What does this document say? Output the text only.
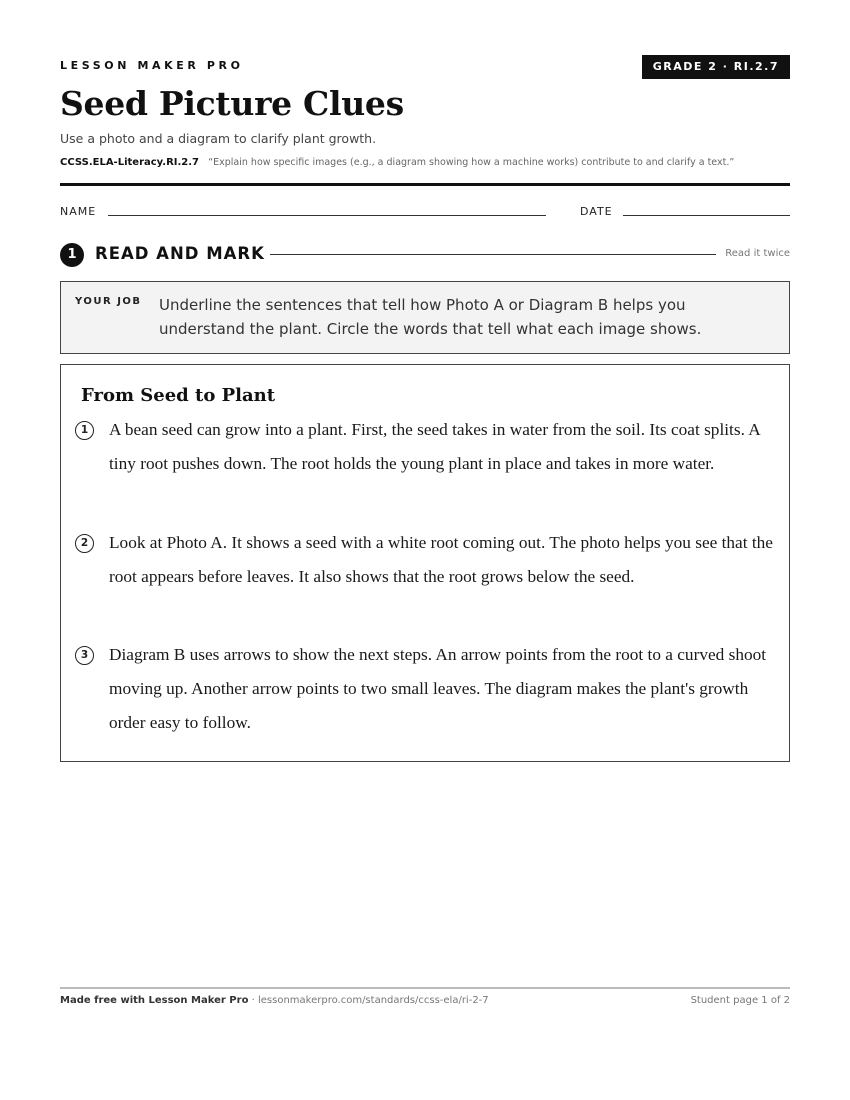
LESSON MAKER PRO	GRADE 2 · RI.2.7
Seed Picture Clues
Use a photo and a diagram to clarify plant growth.
CCSS.ELA-Literacy.RI.2.7 “Explain how specific images (e.g., a diagram showing how a machine works) contribute to and clarify a text.”
NAME	DATE
1	READ AND MARK	Read it twice
YOUR JOB Underline the sentences that tell how Photo A or Diagram B helps you understand the plant. Circle the words that tell what each image shows.
From Seed to Plant
1	A bean seed can grow into a plant. First, the seed takes in water from the soil. Its coat splits. A tiny root pushes down. The root holds the young plant in place and takes in more water.
2	Look at Photo A. It shows a seed with a white root coming out. The photo helps you see that the root appears before leaves. It also shows that the root grows below the seed.
3	Diagram B uses arrows to show the next steps. An arrow points from the root to a curved shoot moving up. Another arrow points to two small leaves. The diagram makes the plant's growth order easy to follow.
Made free with Lesson Maker Pro · lessonmakerpro.com/standards/ccss-ela/ri-2-7	Student page 1 of 2
